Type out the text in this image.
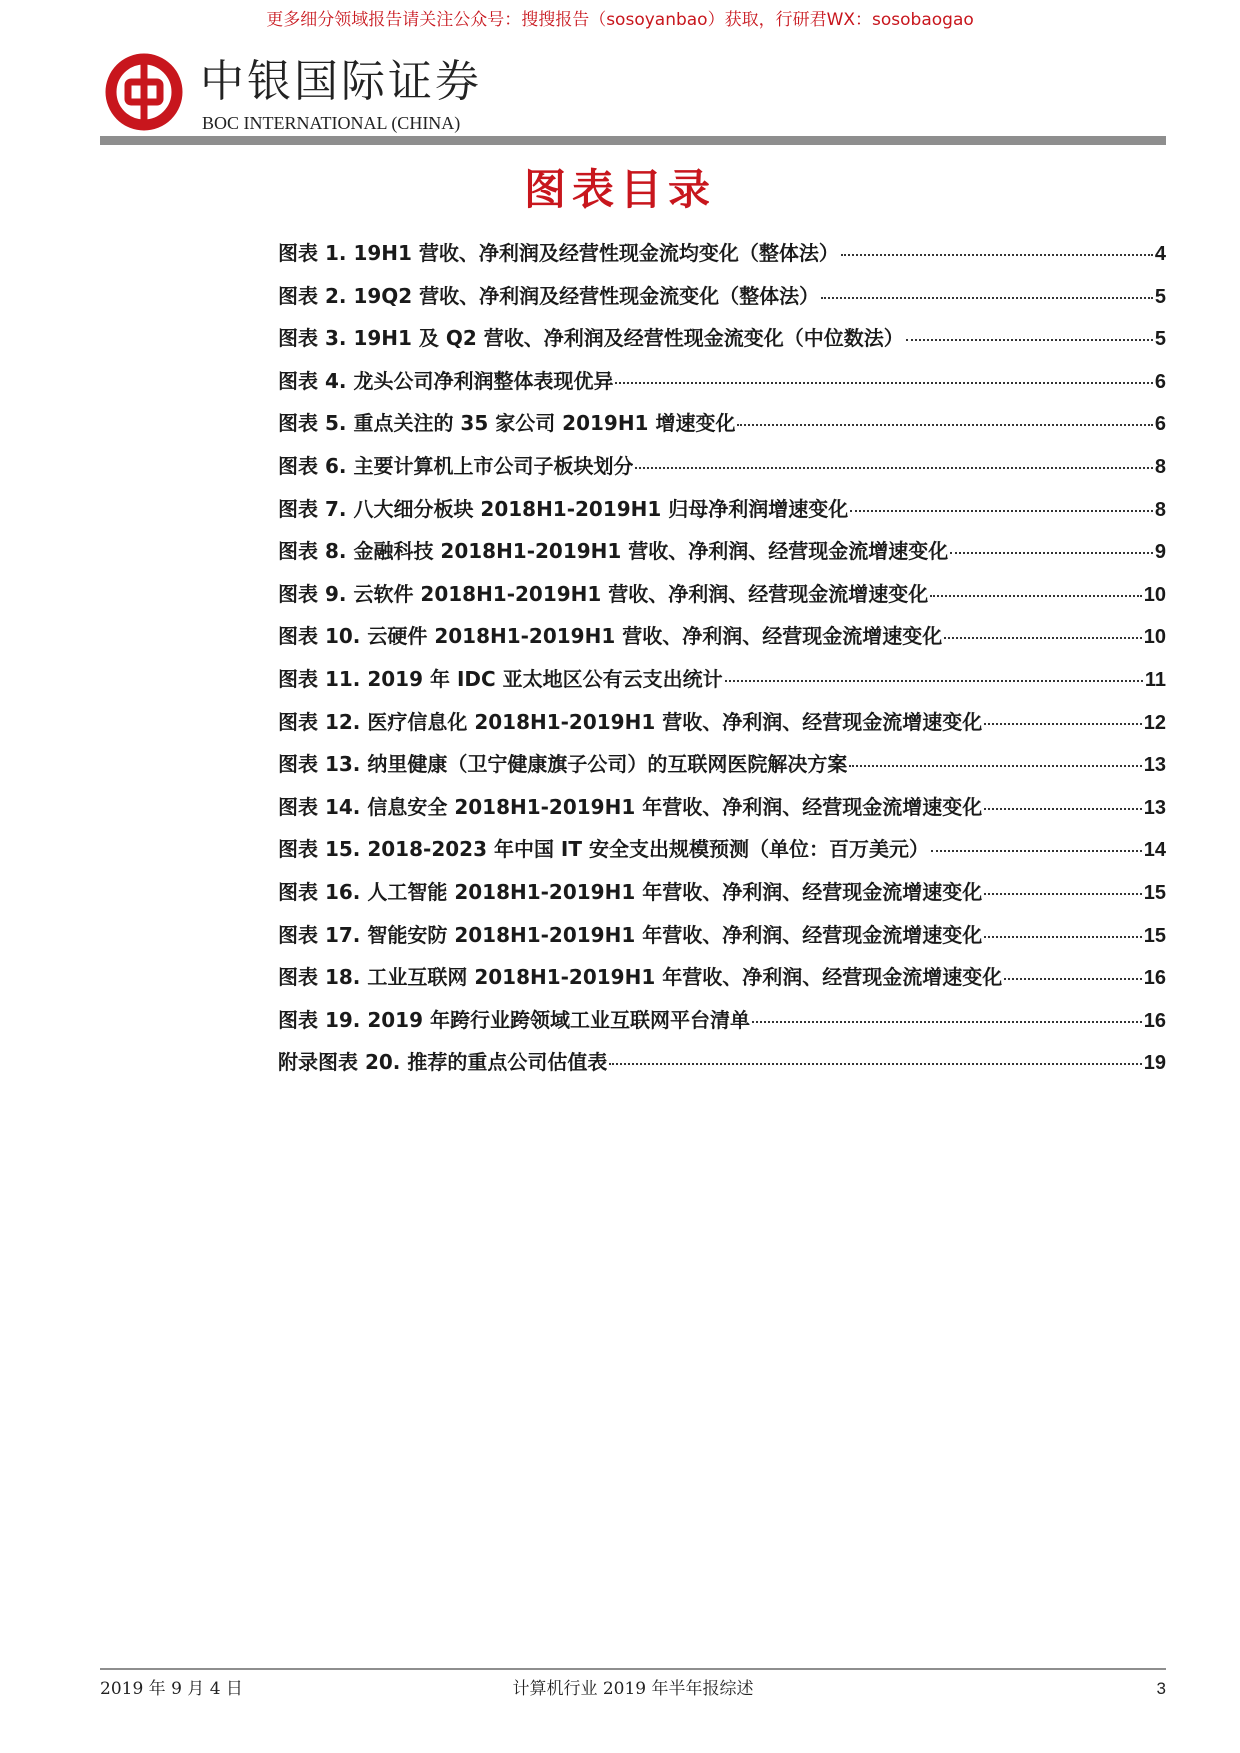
更多细分领域报告请关注公众号：搜搜报告（sosoyanbao）获取，行研君WX：sosobaogao
中银国际证券
BOC INTERNATIONAL (CHINA)
图表目录
图表 1. 19H1 营收、净利润及经营性现金流均变化（整体法）	4
图表 2. 19Q2 营收、净利润及经营性现金流变化（整体法）	5
图表 3. 19H1 及 Q2 营收、净利润及经营性现金流变化（中位数法）	5
图表 4. 龙头公司净利润整体表现优异	6
图表 5. 重点关注的 35 家公司 2019H1 增速变化	6
图表 6. 主要计算机上市公司子板块划分	8
图表 7. 八大细分板块 2018H1-2019H1 归母净利润增速变化	8
图表 8. 金融科技 2018H1-2019H1 营收、净利润、经营现金流增速变化	9
图表 9. 云软件 2018H1-2019H1 营收、净利润、经营现金流增速变化	10
图表 10. 云硬件 2018H1-2019H1 营收、净利润、经营现金流增速变化	10
图表 11. 2019 年 IDC 亚太地区公有云支出统计	11
图表 12. 医疗信息化 2018H1-2019H1 营收、净利润、经营现金流增速变化	12
图表 13. 纳里健康（卫宁健康旗子公司）的互联网医院解决方案	13
图表 14. 信息安全 2018H1-2019H1 年营收、净利润、经营现金流增速变化	13
图表 15. 2018-2023 年中国 IT 安全支出规模预测（单位：百万美元）	14
图表 16. 人工智能 2018H1-2019H1 年营收、净利润、经营现金流增速变化	15
图表 17. 智能安防 2018H1-2019H1 年营收、净利润、经营现金流增速变化	15
图表 18. 工业互联网 2018H1-2019H1 年营收、净利润、经营现金流增速变化	16
图表 19. 2019 年跨行业跨领域工业互联网平台清单	16
附录图表 20. 推荐的重点公司估值表	19
2019 年 9 月 4 日	计算机行业 2019 年半年报综述	3
